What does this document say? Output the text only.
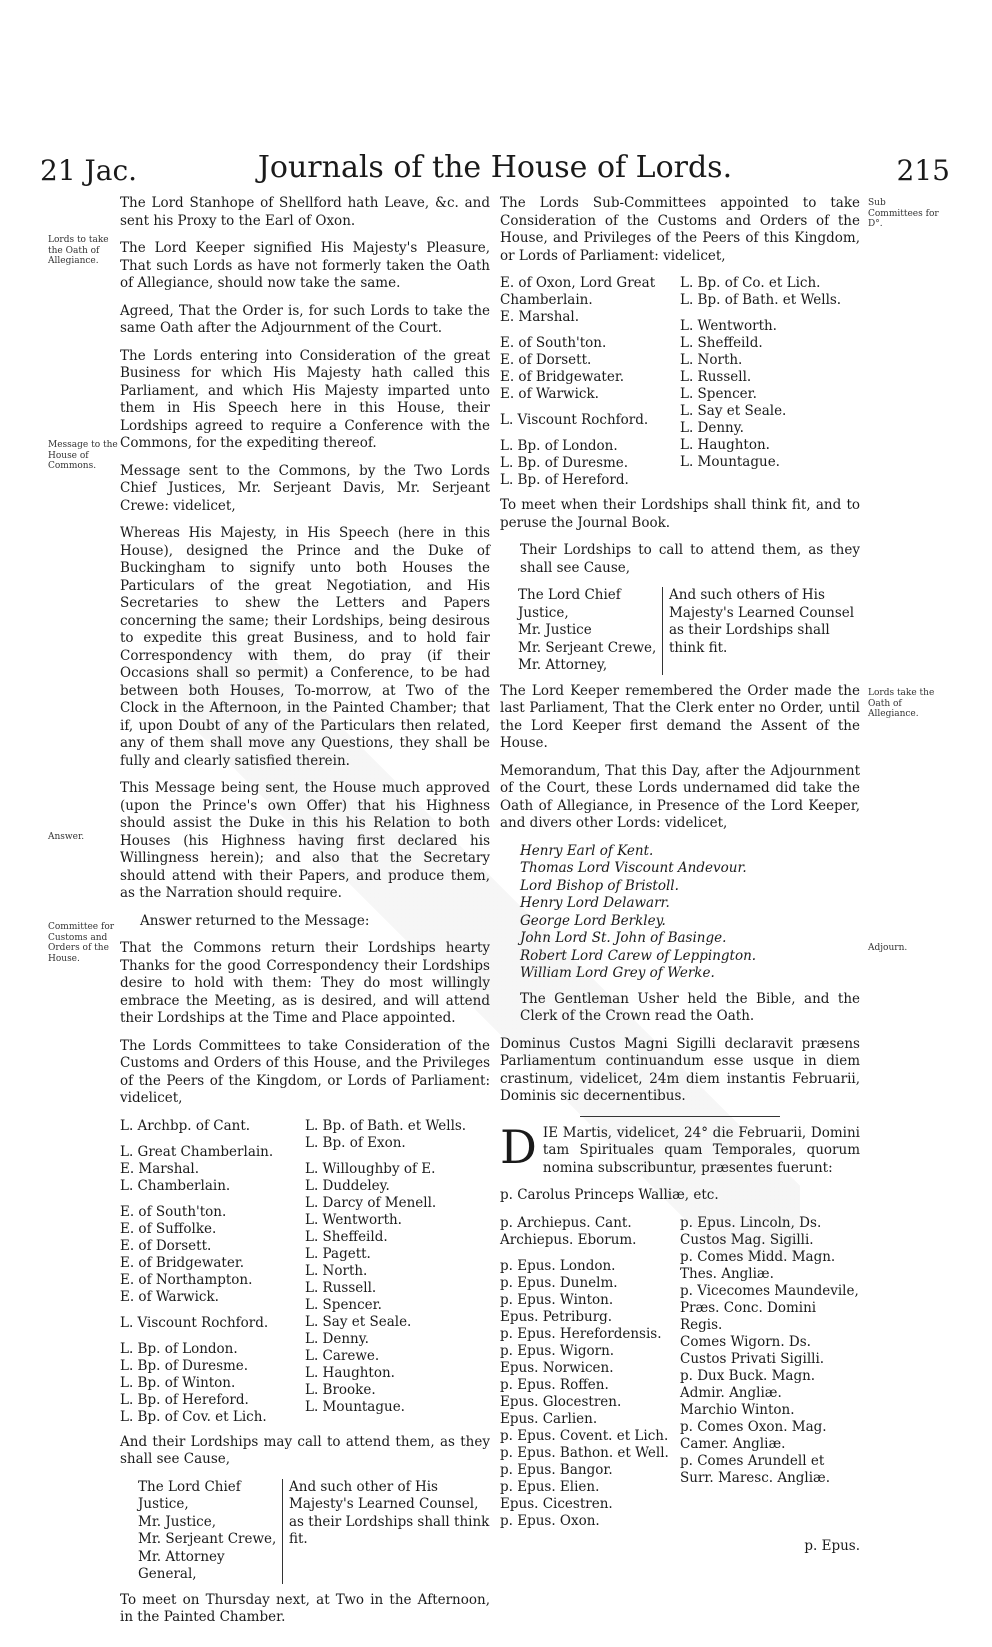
21 Jac.	Journals of the House of Lords.	215
Lords to take the Oath of Allegiance.
Message to the House of Commons.
Answer.
Committee for Customs and Orders of the House.
Sub Committees for D°.
Lords take the Oath of Allegiance.
Adjourn.

The Lord Stanhope of Shellford hath Leave, &c. and sent his Proxy to the Earl of Oxon.

The Lord Keeper signified His Majesty's Pleasure, That such Lords as have not formerly taken the Oath of Allegiance, should now take the same.

Agreed, That the Order is, for such Lords to take the same Oath after the Adjournment of the Court.

The Lords entering into Consideration of the great Business for which His Majesty hath called this Parliament, and which His Majesty imparted unto them in His Speech here in this House, their Lordships agreed to require a Conference with the Commons, for the expediting thereof.

Message sent to the Commons, by the Two Lords Chief Justices, Mr. Serjeant Davis, Mr. Serjeant Crewe: videlicet,

Whereas His Majesty, in His Speech (here in this House), designed the Prince and the Duke of Buckingham to signify unto both Houses the Particulars of the great Negotiation, and His Secretaries to shew the Letters and Papers concerning the same; their Lordships, being desirous to expedite this great Business, and to hold fair Correspondency with them, do pray (if their Occasions shall so permit) a Conference, to be had between both Houses, To-morrow, at Two of the Clock in the Afternoon, in the Painted Chamber; that if, upon Doubt of any of the Particulars then related, any of them shall move any Questions, they shall be fully and clearly satisfied therein.

This Message being sent, the House much approved (upon the Prince's own Offer) that his Highness should assist the Duke in this his Relation to both Houses (his Highness having first declared his Willingness herein); and also that the Secretary should attend with their Papers, and produce them, as the Narration should require.

Answer returned to the Message:

That the Commons return their Lordships hearty Thanks for the good Correspondency their Lordships desire to hold with them: They do most willingly embrace the Meeting, as is desired, and will attend their Lordships at the Time and Place appointed.

The Lords Committees to take Consideration of the Customs and Orders of this House, and the Privileges of the Peers of the Kingdom, or Lords of Parliament: videlicet,

L. Archbp. of Cant.
L. Great Chamberlain.
E. Marshal.
L. Chamberlain.
E. of South'ton.
E. of Suffolke.
E. of Dorsett.
E. of Bridgewater.
E. of Northampton.
E. of Warwick.
L. Viscount Rochford.
L. Bp. of London.
L. Bp. of Duresme.
L. Bp. of Winton.
L. Bp. of Hereford.
L. Bp. of Cov. et Lich.
L. Bp. of Bath. et Wells.
L. Bp. of Exon.
L. Willoughby of E.
L. Duddeley.
L. Darcy of Menell.
L. Wentworth.
L. Sheffeild.
L. Pagett.
L. North.
L. Russell.
L. Spencer.
L. Say et Seale.
L. Denny.
L. Carewe.
L. Haughton.
L. Brooke.
L. Mountague.

And their Lordships may call to attend them, as they shall see Cause,

The Lord Chief Justice,
Mr. Justice,
Mr. Serjeant Crewe,
Mr. Attorney General,
And such other of His Majesty's Learned Counsel, as their Lordships shall think fit.

To meet on Thursday next, at Two in the Afternoon, in the Painted Chamber.

The Lords Sub-Committees appointed to take Consideration of the Customs and Orders of the House, and Privileges of the Peers of this Kingdom, or Lords of Parliament: videlicet,

E. of Oxon, Lord Great Chamberlain.
E. Marshal.
E. of South'ton.
E. of Dorsett.
E. of Bridgewater.
E. of Warwick.
L. Viscount Rochford.
L. Bp. of London.
L. Bp. of Duresme.
L. Bp. of Hereford.
L. Bp. of Co. et Lich.
L. Bp. of Bath. et Wells.
L. Wentworth.
L. Sheffeild.
L. North.
L. Russell.
L. Spencer.
L. Say et Seale.
L. Denny.
L. Haughton.
L. Mountague.

To meet when their Lordships shall think fit, and to peruse the Journal Book.

Their Lordships to call to attend them, as they shall see Cause,

The Lord Chief Justice,
Mr. Justice
Mr. Serjeant Crewe,
Mr. Attorney,
And such others of His Majesty's Learned Counsel as their Lordships shall think fit.

The Lord Keeper remembered the Order made the last Parliament, That the Clerk enter no Order, until the Lord Keeper first demand the Assent of the House.

Memorandum, That this Day, after the Adjournment of the Court, these Lords undernamed did take the Oath of Allegiance, in Presence of the Lord Keeper, and divers other Lords: videlicet,

Henry Earl of Kent.
Thomas Lord Viscount Andevour.
Lord Bishop of Bristoll.
Henry Lord Delawarr.
George Lord Berkley.
John Lord St. John of Basinge.
Robert Lord Carew of Leppington.
William Lord Grey of Werke.

The Gentleman Usher held the Bible, and the Clerk of the Crown read the Oath.

Dominus Custos Magni Sigilli declaravit præsens Parliamentum continuandum esse usque in diem crastinum, videlicet, 24m diem instantis Februarii, Dominis sic decernentibus.

DIE Martis, videlicet, 24° die Februarii, Domini tam Spirituales quam Temporales, quorum nomina subscribuntur, præsentes fuerunt:

p. Carolus Princeps Walliæ, etc.

p. Archiepus. Cant.
Archiepus. Eborum.
p. Epus. London.
p. Epus. Dunelm.
p. Epus. Winton.
Epus. Petriburg.
p. Epus. Herefordensis.
p. Epus. Wigorn.
Epus. Norwicen.
p. Epus. Roffen.
Epus. Glocestren.
Epus. Carlien.
p. Epus. Covent. et Lich.
p. Epus. Bathon. et Well.
p. Epus. Bangor.
p. Epus. Elien.
Epus. Cicestren.
p. Epus. Oxon.
p. Epus. Lincoln, Ds. Custos Mag. Sigilli.
p. Comes Midd. Magn. Thes. Angliæ.
p. Vicecomes Maundevile, Præs. Conc. Domini Regis.
Comes Wigorn. Ds. Custos Privati Sigilli.
p. Dux Buck. Magn. Admir. Angliæ.
Marchio Winton.
p. Comes Oxon. Mag. Camer. Angliæ.
p. Comes Arundell et Surr. Maresc. Angliæ.
p. Epus.
